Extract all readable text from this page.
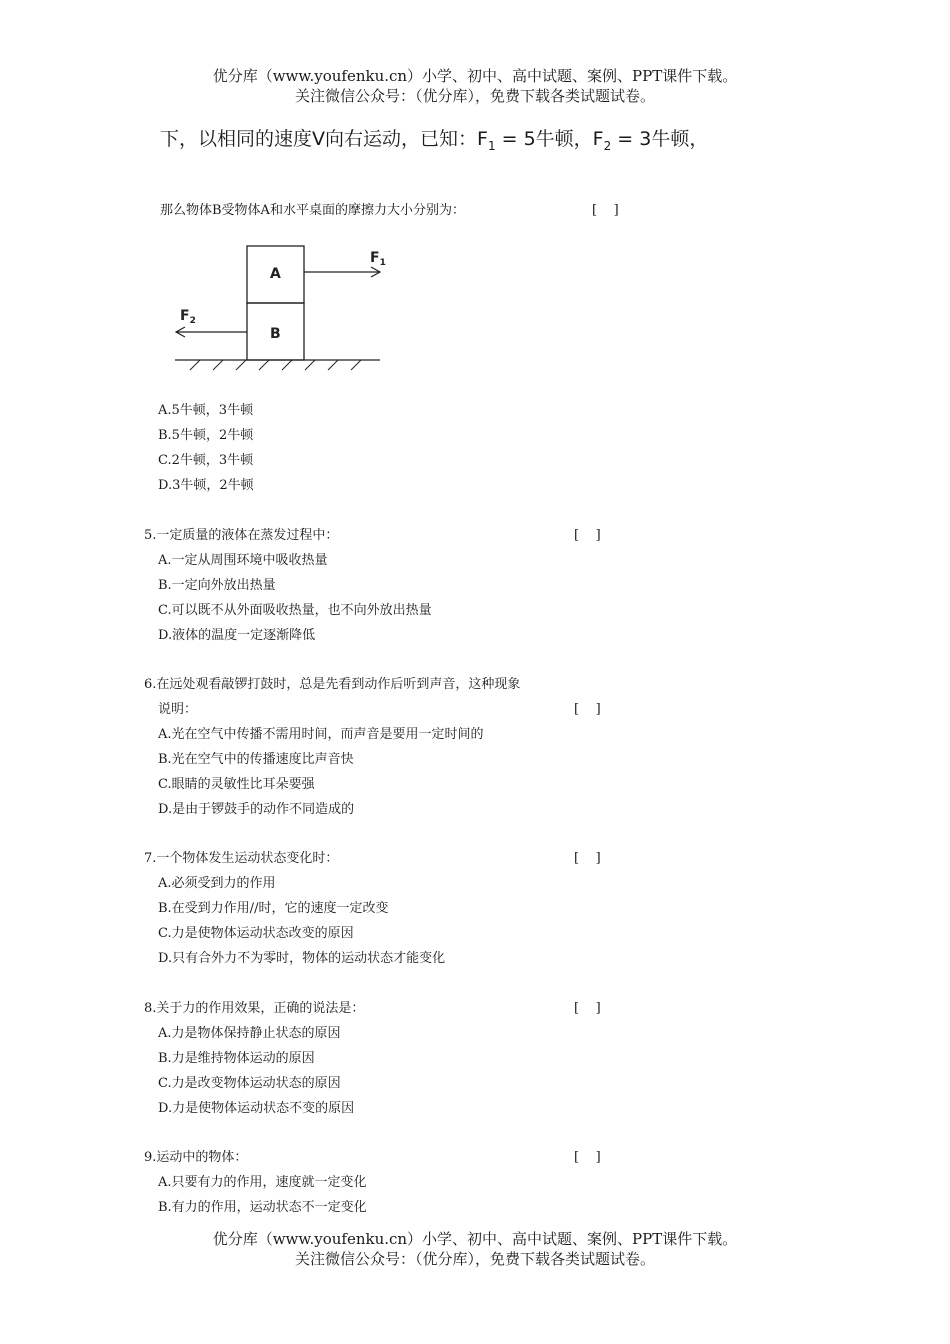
优分库（www.youfenku.cn）小学、初中、高中试题、案例、PPT课件下载。
关注微信公众号：（优分库），免费下载各类试题试卷。
下，以相同的速度V向右运动，已知：$F_1 = 5$牛顿，$F_2 = 3$牛顿，
那么物体B受物体A和水平桌面的摩擦力大小分别为：	[    ]
A
B
$F_1$
$F_2$
A.5牛顿，3牛顿
B.5牛顿，2牛顿
C.2牛顿，3牛顿
D.3牛顿，2牛顿
5.一定质量的液体在蒸发过程中：	[    ]
A.一定从周围环境中吸收热量
B.一定向外放出热量
C.可以既不从外面吸收热量，也不向外放出热量
D.液体的温度一定逐渐降低
6.在远处观看敲锣打鼓时，总是先看到动作后听到声音，这种现象
说明：	[    ]
A.光在空气中传播不需用时间，而声音是要用一定时间的
B.光在空气中的传播速度比声音快
C.眼睛的灵敏性比耳朵要强
D.是由于锣鼓手的动作不同造成的
7.一个物体发生运动状态变化时：	[    ]
A.必须受到力的作用
B.在受到力作用//时，它的速度一定改变
C.力是使物体运动状态改变的原因
D.只有合外力不为零时，物体的运动状态才能变化
8.关于力的作用效果，正确的说法是：	[    ]
A.力是物体保持静止状态的原因
B.力是维持物体运动的原因
C.力是改变物体运动状态的原因
D.力是使物体运动状态不变的原因
9.运动中的物体：	[    ]
A.只要有力的作用，速度就一定变化
B.有力的作用，运动状态不一定变化
优分库（www.youfenku.cn）小学、初中、高中试题、案例、PPT课件下载。
关注微信公众号：（优分库），免费下载各类试题试卷。
